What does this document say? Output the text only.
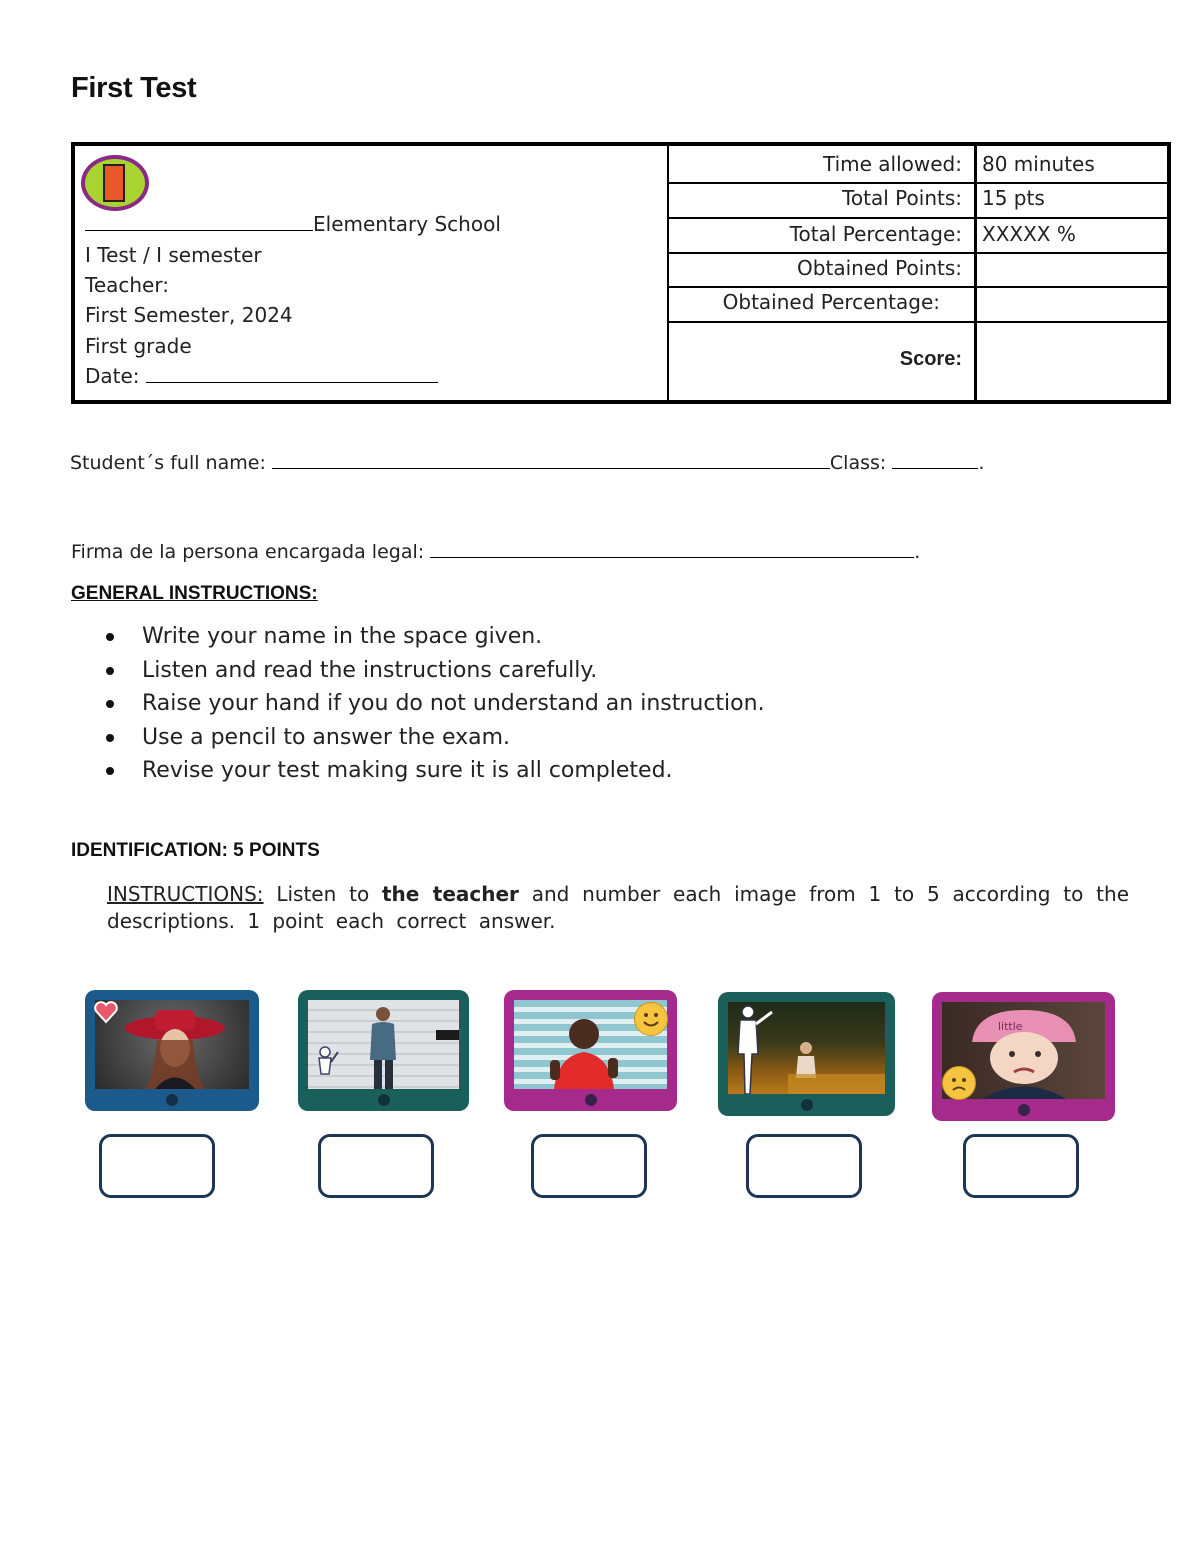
First Test
Elementary School
I Test / I semester
Teacher:
First Semester, 2024
First grade
Date:
Time allowed:	80 minutes
Total Points:	15 pts
Total Percentage:	XXXXX %
Obtained Points:
Obtained Percentage:
Score:
Student´s full name:	Class:	.
Firma de la persona encargada legal:	.
GENERAL INSTRUCTIONS:
Write your name in the space given.
Listen and read the instructions carefully.
Raise your hand if you do not understand an instruction.
Use a pencil to answer the exam.
Revise your test making sure it is all completed.
IDENTIFICATION: 5 POINTS
INSTRUCTIONS: Listen to the teacher and number each image from 1 to 5 according to the descriptions. 1 point each correct answer.
little
